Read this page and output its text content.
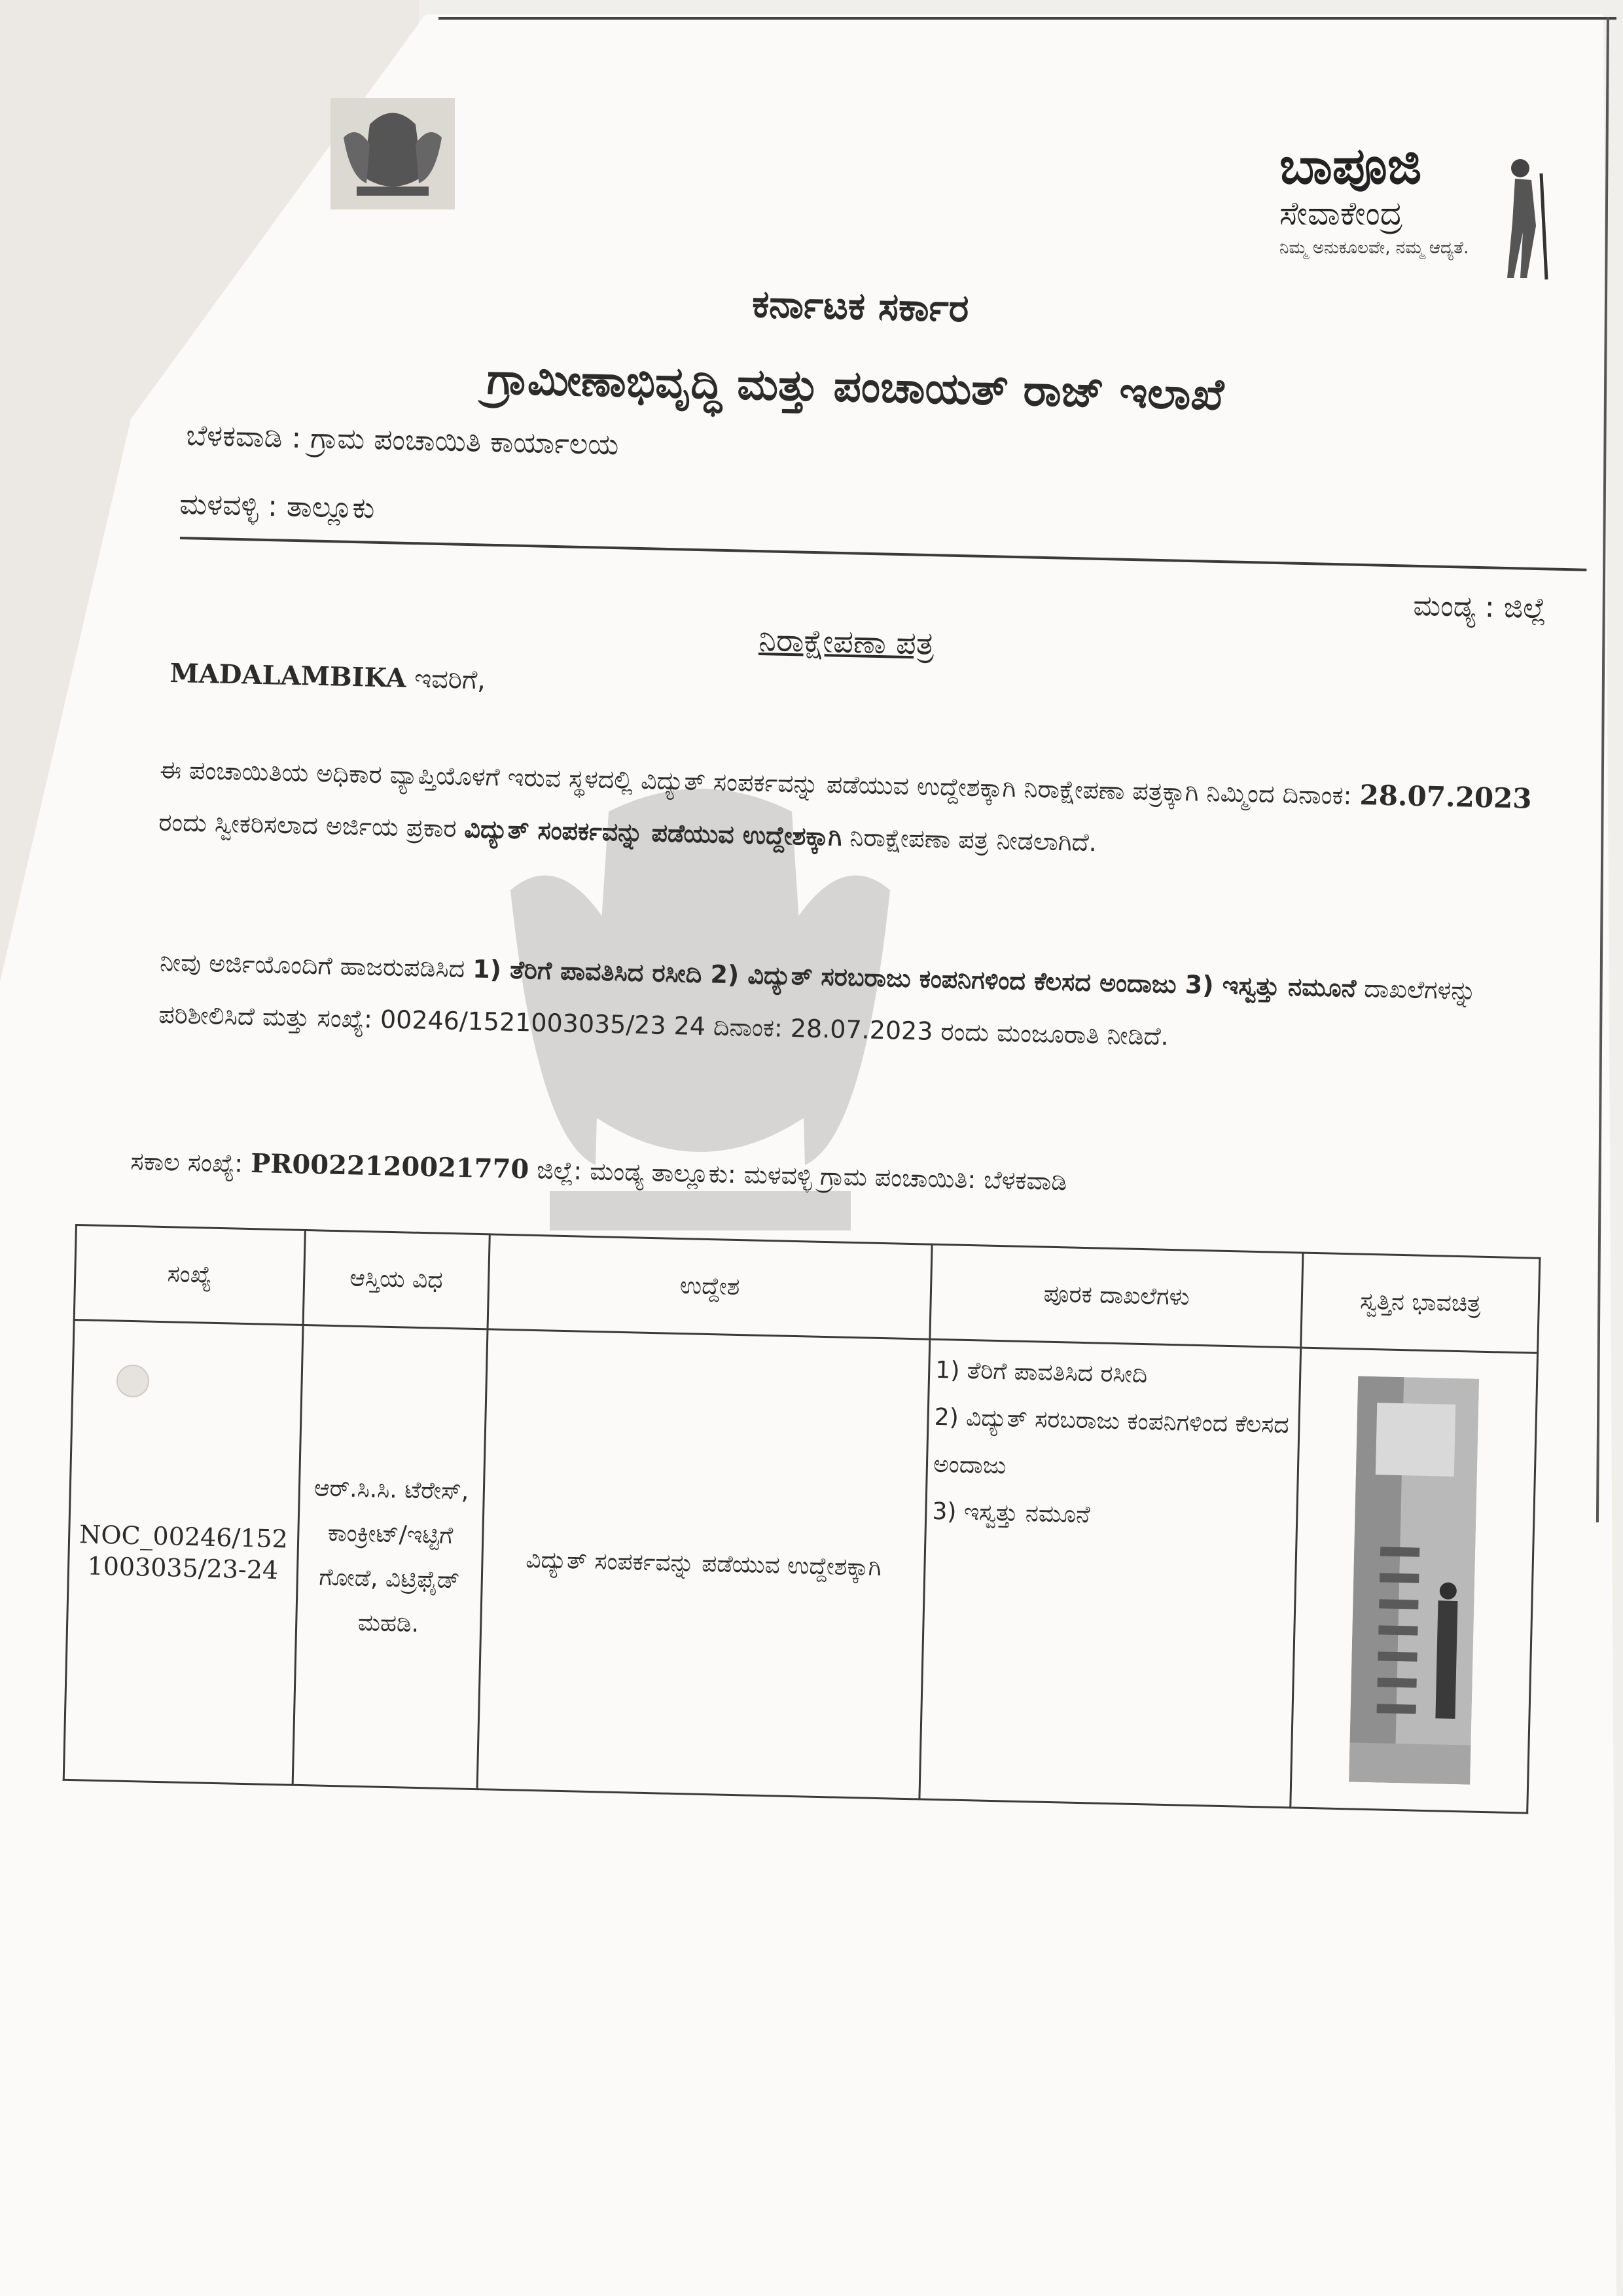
ಬಾಪೂಜಿ
ಸೇವಾಕೇಂದ್ರ
ನಿಮ್ಮ ಅನುಕೂಲವೇ, ನಮ್ಮ ಆದ್ಯತೆ.
ಕರ್ನಾಟಕ ಸರ್ಕಾರ
ಗ್ರಾಮೀಣಾಭಿವೃದ್ಧಿ ಮತ್ತು ಪಂಚಾಯತ್ ರಾಜ್ ಇಲಾಖೆ
ಬೆಳಕವಾಡಿ : ಗ್ರಾಮ ಪಂಚಾಯಿತಿ ಕಾರ್ಯಾಲಯ
ಮಳವಳ್ಳಿ : ತಾಲ್ಲೂಕು
ಮಂಡ್ಯ : ಜಿಲ್ಲೆ
ನಿರಾಕ್ಷೇಪಣಾ ಪತ್ರ
MADALAMBIKA ಇವರಿಗೆ,
ಈ ಪಂಚಾಯಿತಿಯ ಅಧಿಕಾರ ವ್ಯಾಪ್ತಿಯೊಳಗೆ ಇರುವ ಸ್ಥಳದಲ್ಲಿ ವಿದ್ಯುತ್ ಸಂಪರ್ಕವನ್ನು ಪಡೆಯುವ ಉದ್ದೇಶಕ್ಕಾಗಿ ನಿರಾಕ್ಷೇಪಣಾ ಪತ್ರಕ್ಕಾಗಿ ನಿಮ್ಮಿಂದ ದಿನಾಂಕ: 28.07.2023 ರಂದು ಸ್ವೀಕರಿಸಲಾದ ಅರ್ಜಿಯ ಪ್ರಕಾರ ವಿದ್ಯುತ್ ಸಂಪರ್ಕವನ್ನು ಪಡೆಯುವ ಉದ್ದೇಶಕ್ಕಾಗಿ ನಿರಾಕ್ಷೇಪಣಾ ಪತ್ರ ನೀಡಲಾಗಿದೆ.
ನೀವು ಅರ್ಜಿಯೊಂದಿಗೆ ಹಾಜರುಪಡಿಸಿದ 1) ತೆರಿಗೆ ಪಾವತಿಸಿದ ರಸೀದಿ 2) ವಿದ್ಯುತ್ ಸರಬರಾಜು ಕಂಪನಿಗಳಿಂದ ಕೆಲಸದ ಅಂದಾಜು 3) ಇಸ್ವತ್ತು ನಮೂನೆ ದಾಖಲೆಗಳನ್ನು ಪರಿಶೀಲಿಸಿದೆ ಮತ್ತು ಸಂಖ್ಯೆ: 00246/1521003035/23 24 ದಿನಾಂಕ: 28.07.2023 ರಂದು ಮಂಜೂರಾತಿ ನೀಡಿದೆ.
ಸಕಾಲ ಸಂಖ್ಯೆ: PR0022120021770 ಜಿಲ್ಲೆ: ಮಂಡ್ಯ ತಾಲ್ಲೂಕು: ಮಳವಳ್ಳಿ ಗ್ರಾಮ ಪಂಚಾಯಿತಿ: ಬೆಳಕವಾಡಿ
ಸಂಖ್ಯೆ	ಆಸ್ತಿಯ ವಿಧ	ಉದ್ದೇಶ	ಪೂರಕ ದಾಖಲೆಗಳು	ಸ್ವತ್ತಿನ ಭಾವಚಿತ್ರ
NOC_00246/1521003035/23-24	ಆರ್.ಸಿ.ಸಿ. ಟೆರೇಸ್, ಕಾಂಕ್ರೀಟ್/ಇಟ್ಟಿಗೆ ಗೋಡೆ, ವಿಟ್ರಿಫೈಡ್ ಮಹಡಿ.	ವಿದ್ಯುತ್ ಸಂಪರ್ಕವನ್ನು ಪಡೆಯುವ ಉದ್ದೇಶಕ್ಕಾಗಿ	1) ತೆರಿಗೆ ಪಾವತಿಸಿದ ರಸೀದಿ
2) ವಿದ್ಯುತ್ ಸರಬರಾಜು ಕಂಪನಿಗಳಿಂದ ಕೆಲಸದ ಅಂದಾಜು
3) ಇಸ್ವತ್ತು ನಮೂನೆ
